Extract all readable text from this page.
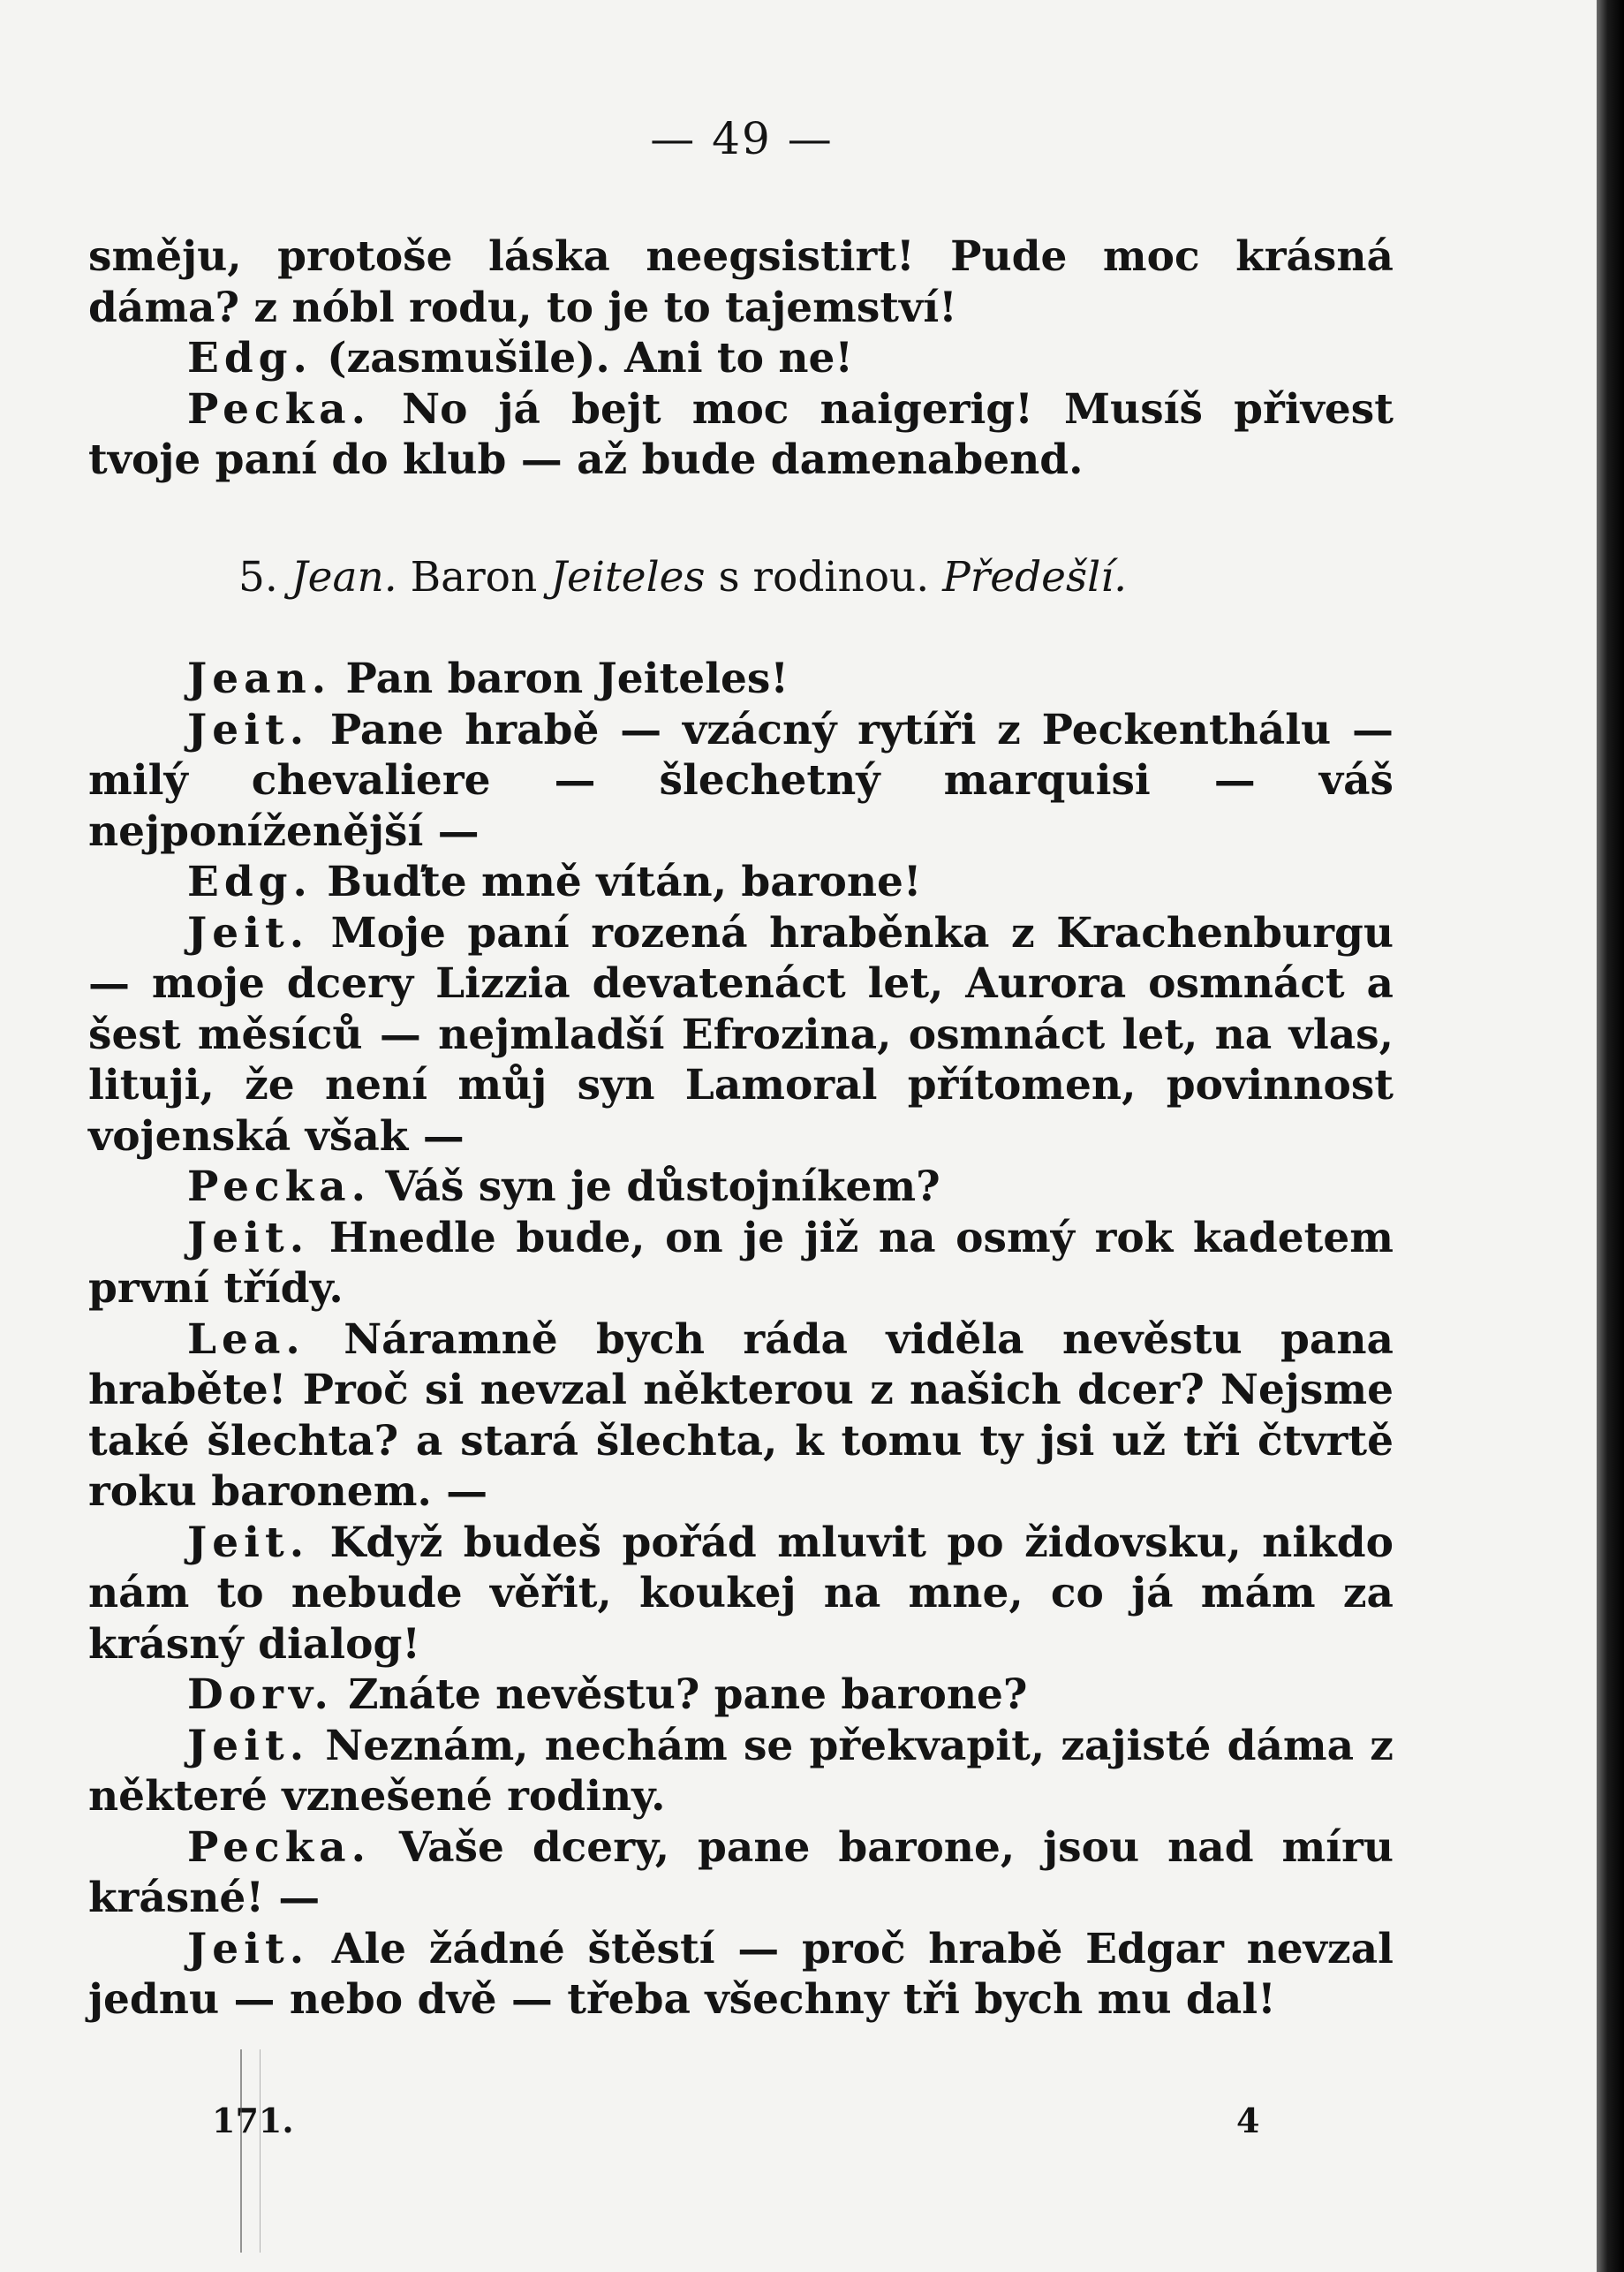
— 49 —
směju, protoše láska neegsistirt! Pude moc krásná dáma? z nóbl rodu, to je to tajemství!
Edg. (zasmušile). Ani to ne!
Pecka. No já bejt moc naigerig! Musíš přivest tvoje paní do klub — až bude damenabend.
5. Jean. Baron Jeiteles s rodinou. Předešlí.
Jean. Pan baron Jeiteles!
Jeit. Pane hrabě — vzácný rytíři z Peckenthálu — milý chevaliere — šlechetný marquisi — váš nejponíženější —
Edg. Buďte mně vítán, barone!
Jeit. Moje paní rozená hraběnka z Krachenburgu — moje dcery Lizzia devatenáct let, Aurora osmnáct a šest měsíců — nejmladší Efrozina, osmnáct let, na vlas, lituji, že není můj syn Lamoral přítomen, povinnost vojenská však —
Pecka. Váš syn je důstojníkem?
Jeit. Hnedle bude, on je již na osmý rok kadetem první třídy.
Lea. Náramně bych ráda viděla nevěstu pana hraběte! Proč si nevzal některou z našich dcer? Nejsme také šlechta? a stará šlechta, k tomu ty jsi už tři čtvrtě roku baronem. —
Jeit. Když budeš pořád mluvit po židovsku, nikdo nám to nebude věřit, koukej na mne, co já mám za krásný dialog!
Dorv. Znáte nevěstu? pane barone?
Jeit. Neznám, nechám se překvapit, zajisté dáma z některé vznešené rodiny.
Pecka. Vaše dcery, pane barone, jsou nad míru krásné! —
Jeit. Ale žádné štěstí — proč hrabě Edgar nevzal jednu — nebo dvě — třeba všechny tři bych mu dal!
171.	4
